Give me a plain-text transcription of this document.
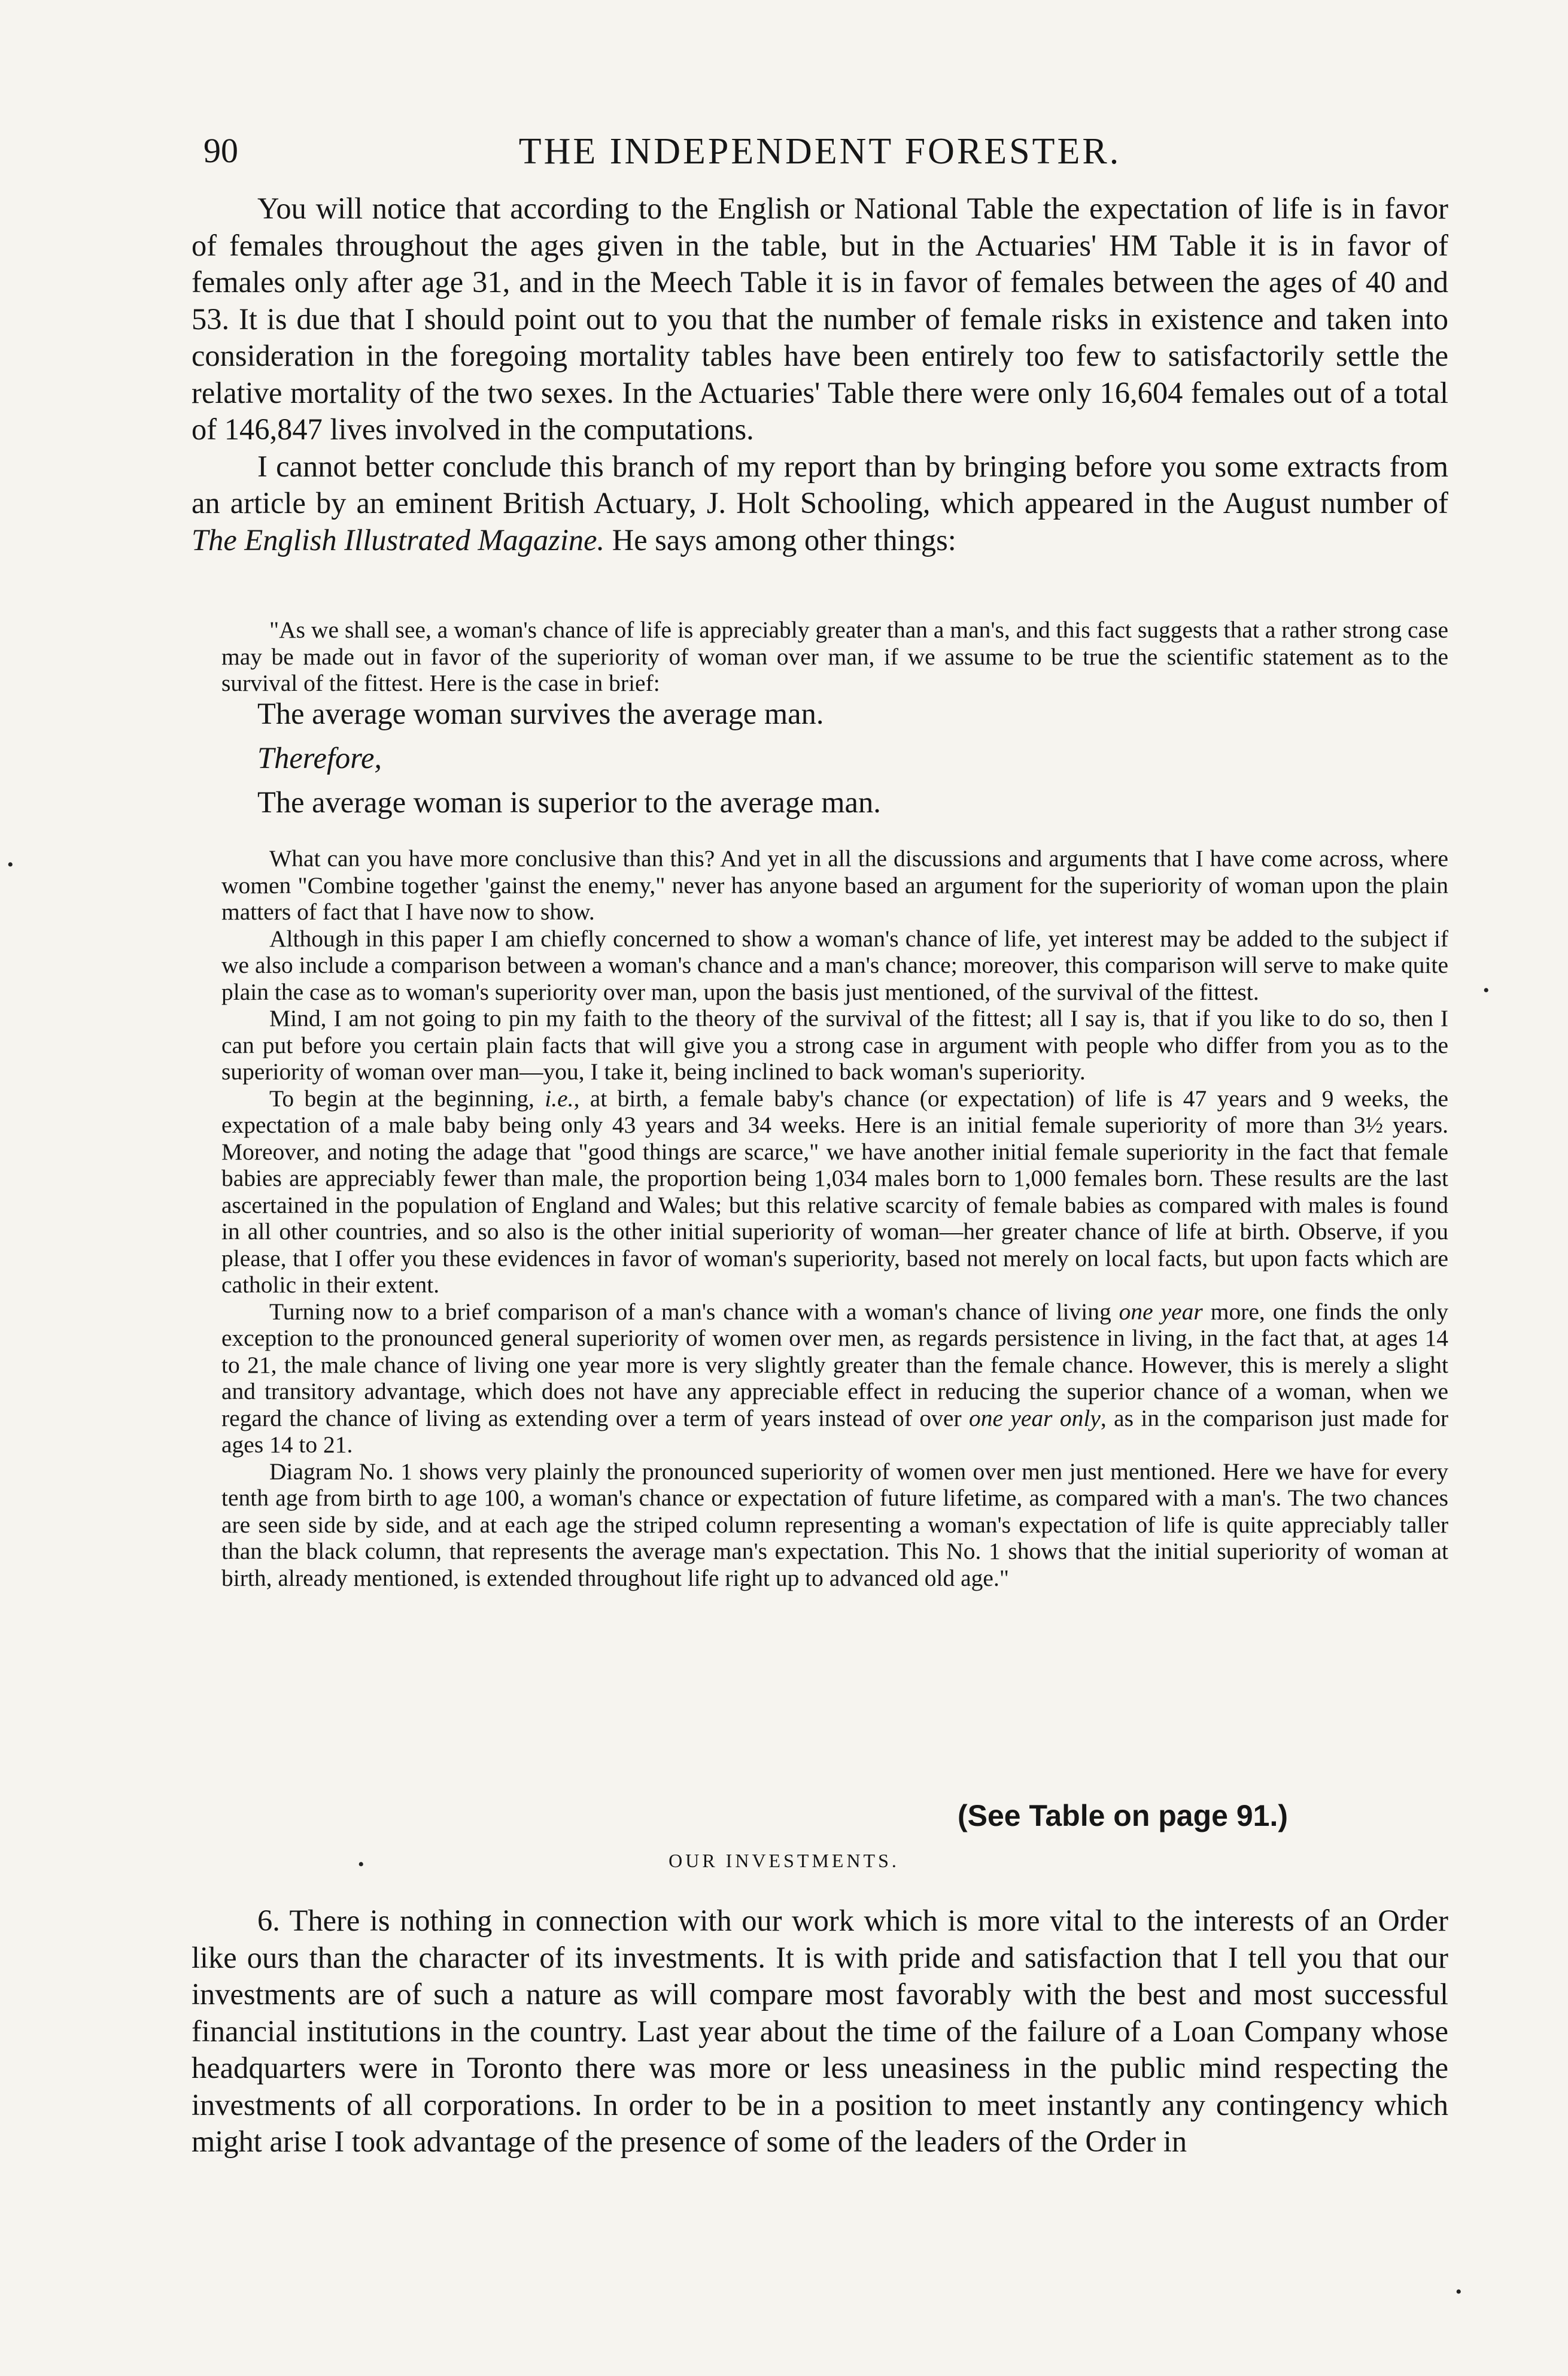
90	THE INDEPENDENT FORESTER.

You will notice that according to the English or National Table the expectation of life is in favor of females throughout the ages given in the table, but in the Actuaries' HM Table it is in favor of females only after age 31, and in the Meech Table it is in favor of females between the ages of 40 and 53. It is due that I should point out to you that the number of female risks in existence and taken into consideration in the foregoing mortality tables have been entirely too few to satisfactorily settle the relative mortality of the two sexes. In the Actuaries' Table there were only 16,604 females out of a total of 146,847 lives involved in the computations.

I cannot better conclude this branch of my report than by bringing before you some extracts from an article by an eminent British Actuary, J. Holt Schooling, which appeared in the August number of The English Illustrated Magazine. He says among other things:

"As we shall see, a woman's chance of life is appreciably greater than a man's, and this fact suggests that a rather strong case may be made out in favor of the superiority of woman over man, if we assume to be true the scientific statement as to the survival of the fittest. Here is the case in brief:

The average woman survives the average man.

Therefore,

The average woman is superior to the average man.

What can you have more conclusive than this? And yet in all the discussions and arguments that I have come across, where women "Combine together 'gainst the enemy," never has anyone based an argument for the superiority of woman upon the plain matters of fact that I have now to show.

Although in this paper I am chiefly concerned to show a woman's chance of life, yet interest may be added to the subject if we also include a comparison between a woman's chance and a man's chance; moreover, this comparison will serve to make quite plain the case as to woman's superiority over man, upon the basis just mentioned, of the survival of the fittest.

Mind, I am not going to pin my faith to the theory of the survival of the fittest; all I say is, that if you like to do so, then I can put before you certain plain facts that will give you a strong case in argument with people who differ from you as to the superiority of woman over man—you, I take it, being inclined to back woman's superiority.

To begin at the beginning, i.e., at birth, a female baby's chance (or expectation) of life is 47 years and 9 weeks, the expectation of a male baby being only 43 years and 34 weeks. Here is an initial female superiority of more than 3½ years. Moreover, and noting the adage that "good things are scarce," we have another initial female superiority in the fact that female babies are appreciably fewer than male, the proportion being 1,034 males born to 1,000 females born. These results are the last ascertained in the population of England and Wales; but this relative scarcity of female babies as compared with males is found in all other countries, and so also is the other initial superiority of woman—her greater chance of life at birth. Observe, if you please, that I offer you these evidences in favor of woman's superiority, based not merely on local facts, but upon facts which are catholic in their extent.

Turning now to a brief comparison of a man's chance with a woman's chance of living one year more, one finds the only exception to the pronounced general superiority of women over men, as regards persistence in living, in the fact that, at ages 14 to 21, the male chance of living one year more is very slightly greater than the female chance. However, this is merely a slight and transitory advantage, which does not have any appreciable effect in reducing the superior chance of a woman, when we regard the chance of living as extending over a term of years instead of over one year only, as in the comparison just made for ages 14 to 21.

Diagram No. 1 shows very plainly the pronounced superiority of women over men just mentioned. Here we have for every tenth age from birth to age 100, a woman's chance or expectation of future lifetime, as compared with a man's. The two chances are seen side by side, and at each age the striped column representing a woman's expectation of life is quite appreciably taller than the black column, that represents the average man's expectation. This No. 1 shows that the initial superiority of woman at birth, already mentioned, is extended throughout life right up to advanced old age."

(See Table on page 91.)
OUR INVESTMENTS.

6. There is nothing in connection with our work which is more vital to the interests of an Order like ours than the character of its investments. It is with pride and satisfaction that I tell you that our investments are of such a nature as will compare most favorably with the best and most successful financial institutions in the country. Last year about the time of the failure of a Loan Company whose headquarters were in Toronto there was more or less uneasiness in the public mind respecting the investments of all corporations. In order to be in a position to meet instantly any contingency which might arise I took advantage of the presence of some of the leaders of the Order in

•
•
•
•
